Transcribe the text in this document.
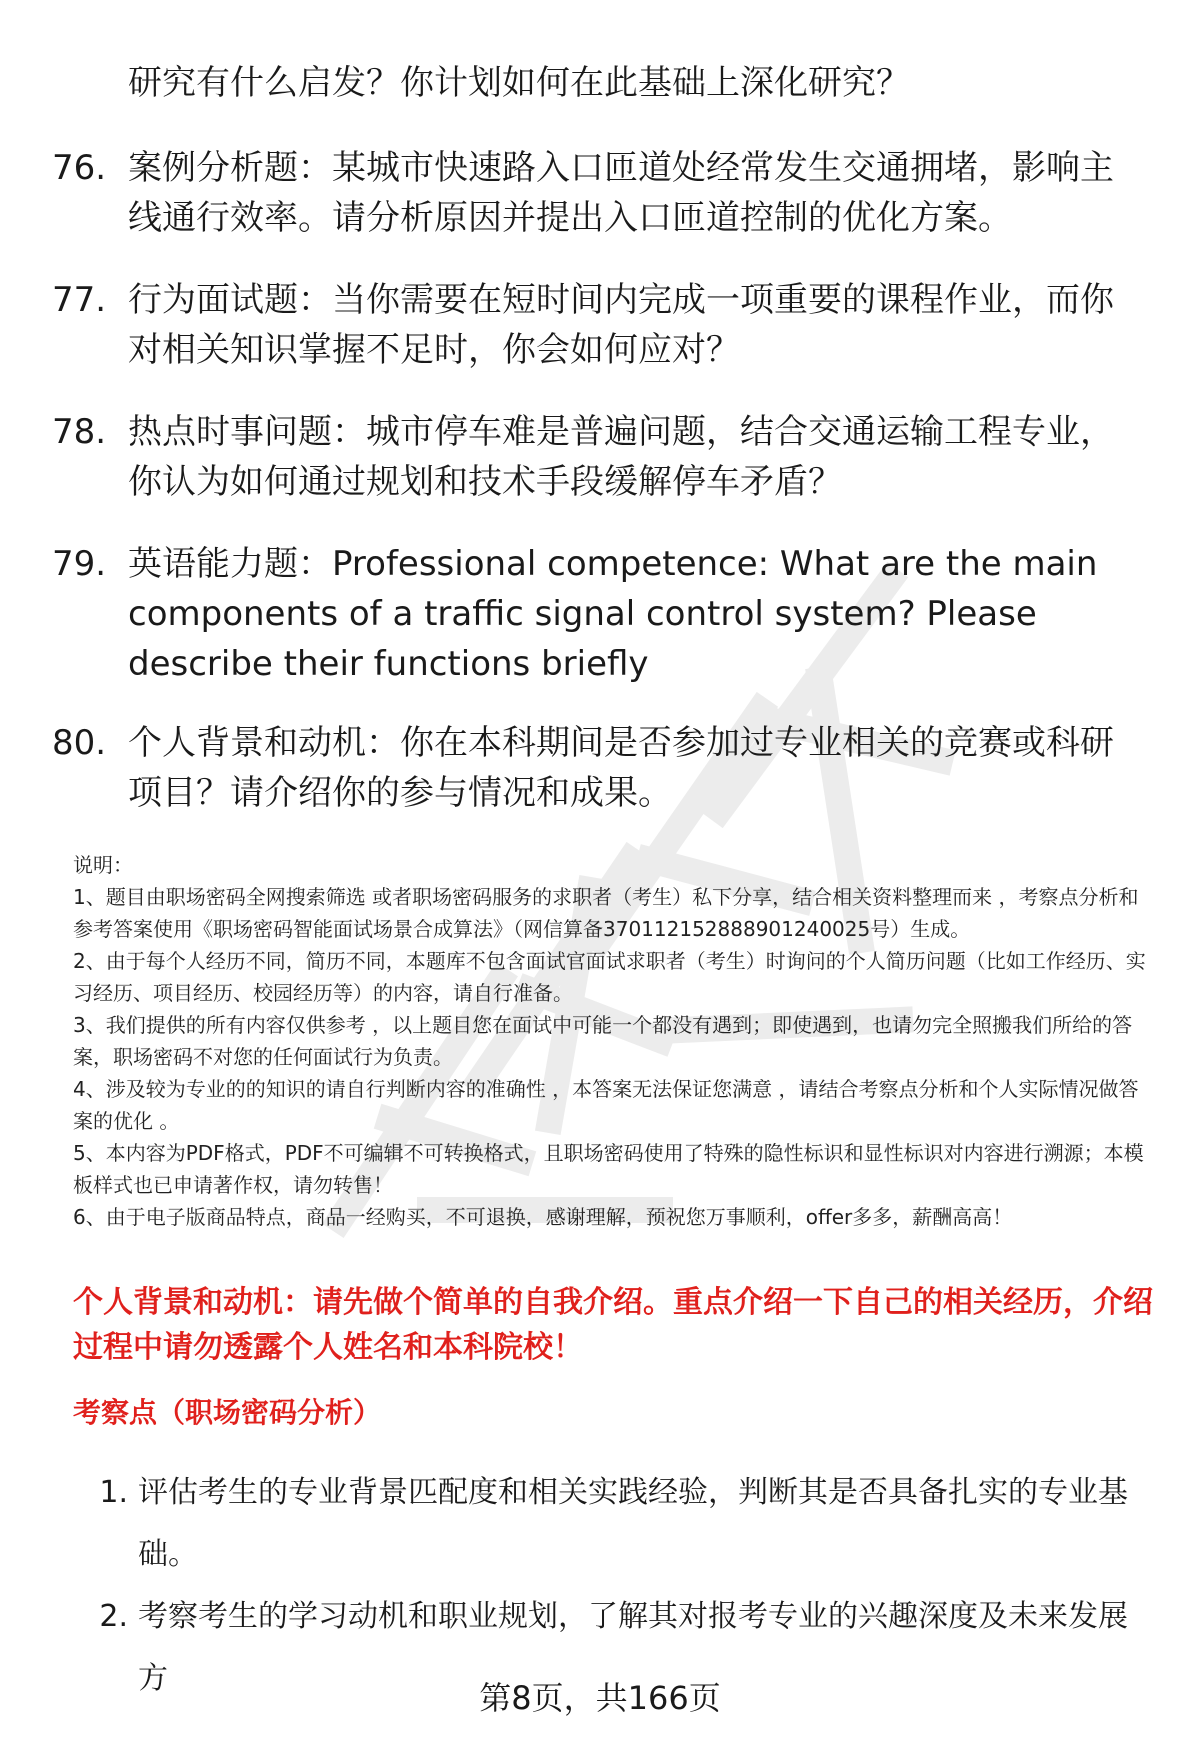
研究有什么启发？你计划如何在此基础上深化研究？
76. 案例分析题：某城市快速路入口匝道处经常发生交通拥堵，影响主线通行效率。请分析原因并提出入口匝道控制的优化方案。
77. 行为面试题：当你需要在短时间内完成一项重要的课程作业，而你对相关知识掌握不足时，你会如何应对？
78. 热点时事问题：城市停车难是普遍问题，结合交通运输工程专业，你认为如何通过规划和技术手段缓解停车矛盾？
79. 英语能力题：Professional competence: What are the main components of a traffic signal control system? Please describe their functions briefly
80. 个人背景和动机：你在本科期间是否参加过专业相关的竞赛或科研项目？请介绍你的参与情况和成果。

说明：

1、题目由职场密码全网搜索筛选 或者职场密码服务的求职者（考生）私下分享，结合相关资料整理而来 ，考察点分析和参考答案使用《职场密码智能面试场景合成算法》（网信算备370112152888901240025号）生成。

2、由于每个人经历不同，简历不同，本题库不包含面试官面试求职者（考生）时询问的个人简历问题（比如工作经历、实习经历、项目经历、校园经历等）的内容，请自行准备。

3、我们提供的所有内容仅供参考 ，以上题目您在面试中可能一个都没有遇到；即使遇到，也请勿完全照搬我们所给的答案，职场密码不对您的任何面试行为负责。

4、涉及较为专业的的知识的请自行判断内容的准确性 ，本答案无法保证您满意 ，请结合考察点分析和个人实际情况做答案的优化 。

5、本内容为PDF格式，PDF不可编辑不可转换格式，且职场密码使用了特殊的隐性标识和显性标识对内容进行溯源；本模板样式也已申请著作权，请勿转售！

6、由于电子版商品特点，商品一经购买，不可退换，感谢理解，预祝您万事顺利，offer多多，薪酬高高！

个人背景和动机：请先做个简单的自我介绍。重点介绍一下自己的相关经历，介绍过程中请勿透露个人姓名和本科院校！
考察点（职场密码分析）
1. 评估考生的专业背景匹配度和相关实践经验，判断其是否具备扎实的专业基础。
2. 考察考生的学习动机和职业规划，了解其对报考专业的兴趣深度及未来发展方
第8页，共166页
